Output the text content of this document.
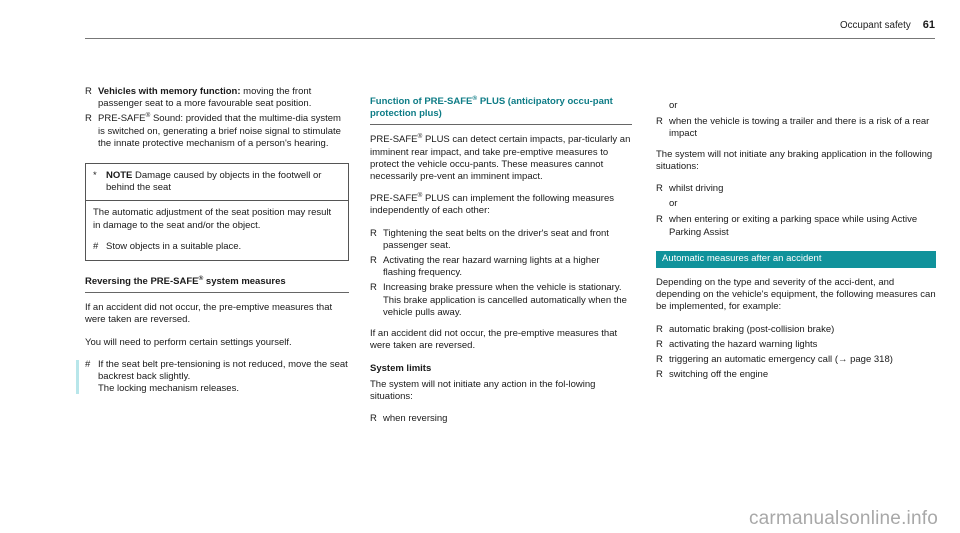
Occupant safety 61
R Vehicles with memory function: moving the front passenger seat to a more favourable seat position.
R PRE-SAFE® Sound: provided that the multime-dia system is switched on, generating a brief noise signal to stimulate the innate protective mechanism of a person's hearing.
* NOTE Damage caused by objects in the footwell or behind the seat

The automatic adjustment of the seat position may result in damage to the seat and/or the object.

# Stow objects in a suitable place.
Reversing the PRE-SAFE® system measures

If an accident did not occur, the pre-emptive measures that were taken are reversed.

You will need to perform certain settings yourself.

# If the seat belt pre-tensioning is not reduced, move the seat backrest back slightly.
The locking mechanism releases.
Function of PRE-SAFE® PLUS (anticipatory occu-pant protection plus)

PRE-SAFE® PLUS can detect certain impacts, par-ticularly an imminent rear impact, and take pre-emptive measures to protect the vehicle occu-pants. These measures cannot necessarily pre-vent an imminent impact.

PRE-SAFE® PLUS can implement the following measures independently of each other:

R Tightening the seat belts on the driver's seat and front passenger seat.
R Activating the rear hazard warning lights at a higher flashing frequency.
R Increasing brake pressure when the vehicle is stationary. This brake application is cancelled automatically when the vehicle pulls away.

If an accident did not occur, the pre-emptive measures that were taken are reversed.

System limits

The system will not initiate any action in the fol-lowing situations:

R when reversing
or
R when the vehicle is towing a trailer and there is a risk of a rear impact

The system will not initiate any braking application in the following situations:

R whilst driving
or
R when entering or exiting a parking space while using Active Parking Assist
Automatic measures after an accident

Depending on the type and severity of the acci-dent, and depending on the vehicle's equipment, the following measures can be implemented, for example:

R automatic braking (post-collision brake)
R activating the hazard warning lights
R triggering an automatic emergency call (→ page 318)
R switching off the engine
carmanualsonline.info
